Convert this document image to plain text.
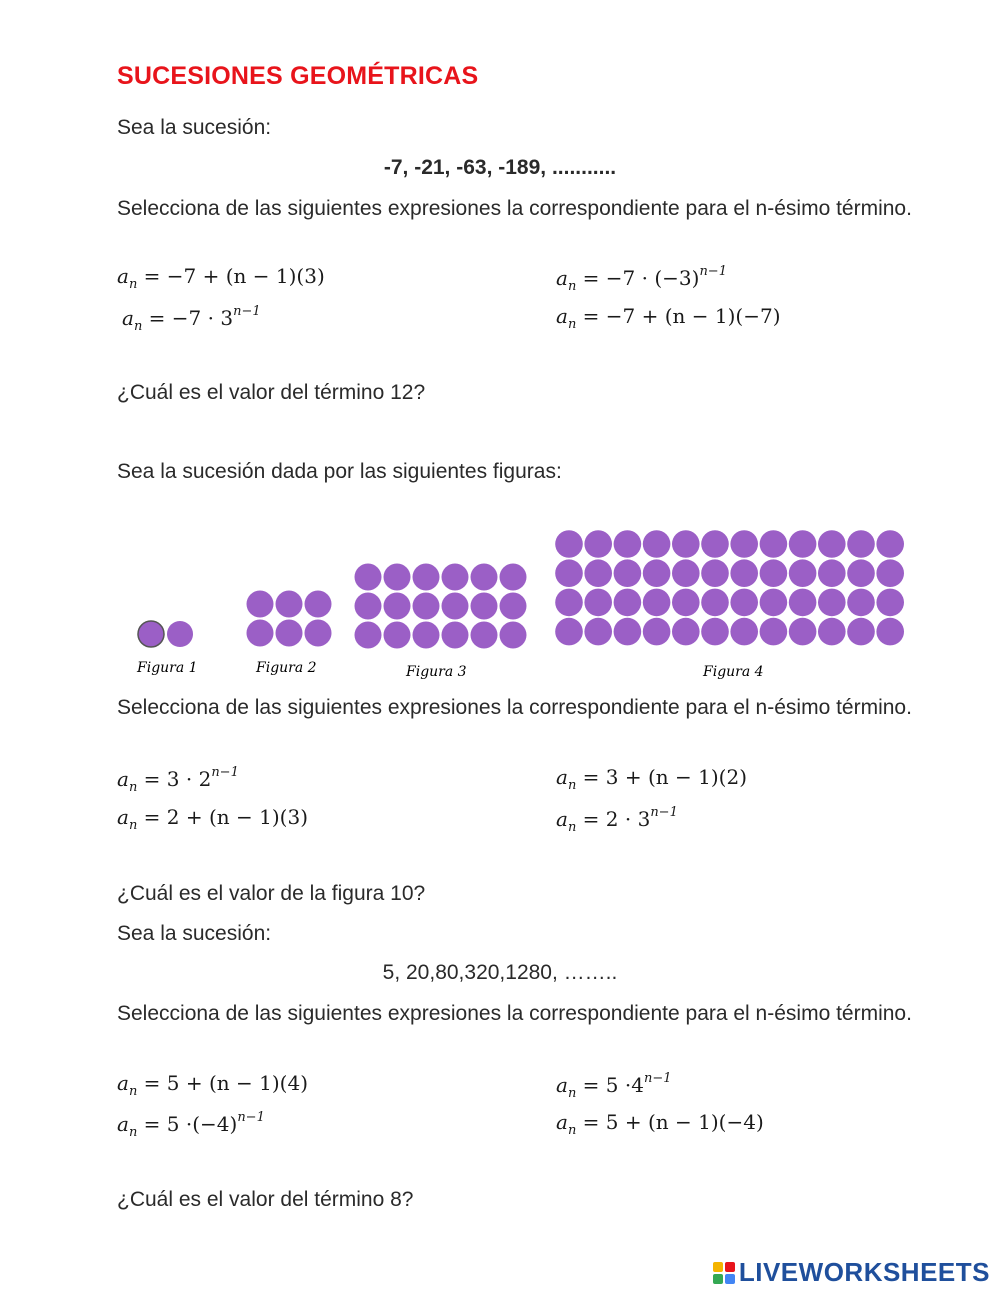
SUCESIONES GEOMÉTRICAS
Sea la sucesión:
-7, -21, -63, -189, ...........
Selecciona de las siguientes expresiones la correspondiente para el n-ésimo término.
$a_n = -7 + (n - 1)(3)$	$a_n = -7 \cdot (-3)^{n-1}$
$a_n = -7 \cdot 3^{n-1}$	$a_n = -7 + (n - 1)(-7)$
¿Cuál es el valor del término 12?
Sea la sucesión dada por las siguientes figuras:
Figura 1	Figura 2	Figura 3	Figura 4
Selecciona de las siguientes expresiones la correspondiente para el n-ésimo término.
$a_n = 3 \cdot 2^{n-1}$	$a_n = 3 + (n - 1)(2)$
$a_n = 2 + (n - 1)(3)$	$a_n = 2 \cdot 3^{n-1}$
¿Cuál es el valor de la figura 10?
Sea la sucesión:
5, 20,80,320,1280, ……..
Selecciona de las siguientes expresiones la correspondiente para el n-ésimo término.
$a_n = 5 + (n - 1)(4)$	$a_n = 5 \cdot 4^{n-1}$
$a_n = 5 \cdot(-4)^{n-1}$	$a_n = 5 + (n - 1)(-4)$
¿Cuál es el valor del término 8?
LIVEWORKSHEETS
